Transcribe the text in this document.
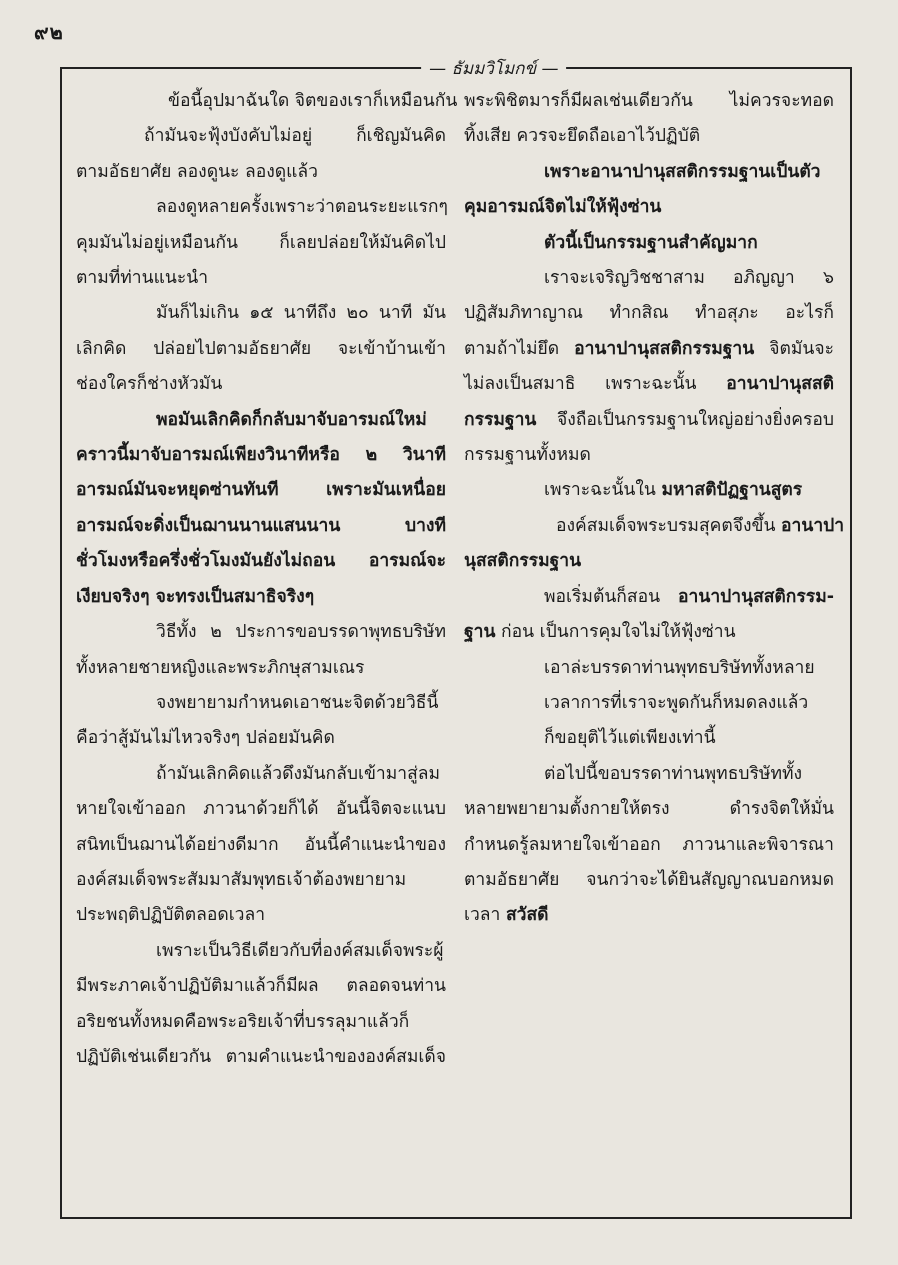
๙๒
— ธัมมวิโมกข์ —

ข้อนี้อุปมาฉันใด จิตของเราก็เหมือนกัน

ถ้ามันจะฟุ้งบังคับไม่อยู่ ก็เชิญมันคิด

ตามอัธยาศัย ลองดูนะ ลองดูแล้ว

ลองดูหลายครั้งเพราะว่าตอนระยะแรกๆ

คุมมันไม่อยู่เหมือนกัน ก็เลยปล่อยให้มันคิดไป

ตามที่ท่านแนะนำ

มันก็ไม่เกิน ๑๕ นาทีถึง ๒๐ นาที มัน

เลิกคิด ปล่อยไปตามอัธยาศัย จะเข้าบ้านเข้า

ช่องใครก็ช่างหัวมัน

พอมันเลิกคิดก็กลับมาจับอารมณ์ใหม่

คราวนี้มาจับอารมณ์เพียงวินาทีหรือ ๒ วินาที

อารมณ์มันจะหยุดซ่านทันที เพราะมันเหนื่อย

อารมณ์จะดิ่งเป็นฌานนานแสนนาน บางที

ชั่วโมงหรือครึ่งชั่วโมงมันยังไม่ถอน อารมณ์จะ

เงียบจริงๆ จะทรงเป็นสมาธิจริงๆ

วิธีทั้ง ๒ ประการขอบรรดาพุทธบริษัท

ทั้งหลายชายหญิงและพระภิกษุสามเณร

จงพยายามกำหนดเอาชนะจิตด้วยวิธีนี้

คือว่าสู้มันไม่ไหวจริงๆ ปล่อยมันคิด

ถ้ามันเลิกคิดแล้วดึงมันกลับเข้ามาสู่ลม

หายใจเข้าออก ภาวนาด้วยก็ได้ อันนี้จิตจะแนบ

สนิทเป็นฌานได้อย่างดีมาก อันนี้คำแนะนำของ

องค์สมเด็จพระสัมมาสัมพุทธเจ้าต้องพยายาม

ประพฤติปฏิบัติตลอดเวลา

เพราะเป็นวิธีเดียวกับที่องค์สมเด็จพระผู้

มีพระภาคเจ้าปฏิบัติมาแล้วก็มีผล ตลอดจนท่าน

อริยชนทั้งหมดคือพระอริยเจ้าที่บรรลุมาแล้วก็

ปฏิบัติเช่นเดียวกัน ตามคำแนะนำขององค์สมเด็จ

พระพิชิตมารก็มีผลเช่นเดียวกัน ไม่ควรจะทอด

ทิ้งเสีย ควรจะยึดถือเอาไว้ปฏิบัติ

เพราะอานาปานุสสติกรรมฐานเป็นตัว

คุมอารมณ์จิตไม่ให้ฟุ้งซ่าน

ตัวนี้เป็นกรรมฐานสำคัญมาก

เราจะเจริญวิชชาสาม อภิญญา ๖

ปฏิสัมภิทาญาณ ทำกสิณ ทำอสุภะ อะไรก็

ตามถ้าไม่ยึด อานาปานุสสติกรรมฐาน จิตมันจะ

ไม่ลงเป็นสมาธิ เพราะฉะนั้น อานาปานุสสติ

กรรมฐาน จึงถือเป็นกรรมฐานใหญ่อย่างยิ่งครอบ

กรรมฐานทั้งหมด

เพราะฉะนั้นใน มหาสติปัฏฐานสูตร

องค์สมเด็จพระบรมสุคตจึงขึ้น อานาปา

นุสสติกรรมฐาน

พอเริ่มต้นก็สอน อานาปานุสสติกรรม-

ฐาน ก่อน เป็นการคุมใจไม่ให้ฟุ้งซ่าน

เอาล่ะบรรดาท่านพุทธบริษัททั้งหลาย

เวลาการที่เราจะพูดกันก็หมดลงแล้ว

ก็ขอยุติไว้แต่เพียงเท่านี้

ต่อไปนี้ขอบรรดาท่านพุทธบริษัททั้ง

หลายพยายามตั้งกายให้ตรง ดำรงจิตให้มั่น

กำหนดรู้ลมหายใจเข้าออก ภาวนาและพิจารณา

ตามอัธยาศัย จนกว่าจะได้ยินสัญญาณบอกหมด

เวลา สวัสดี
